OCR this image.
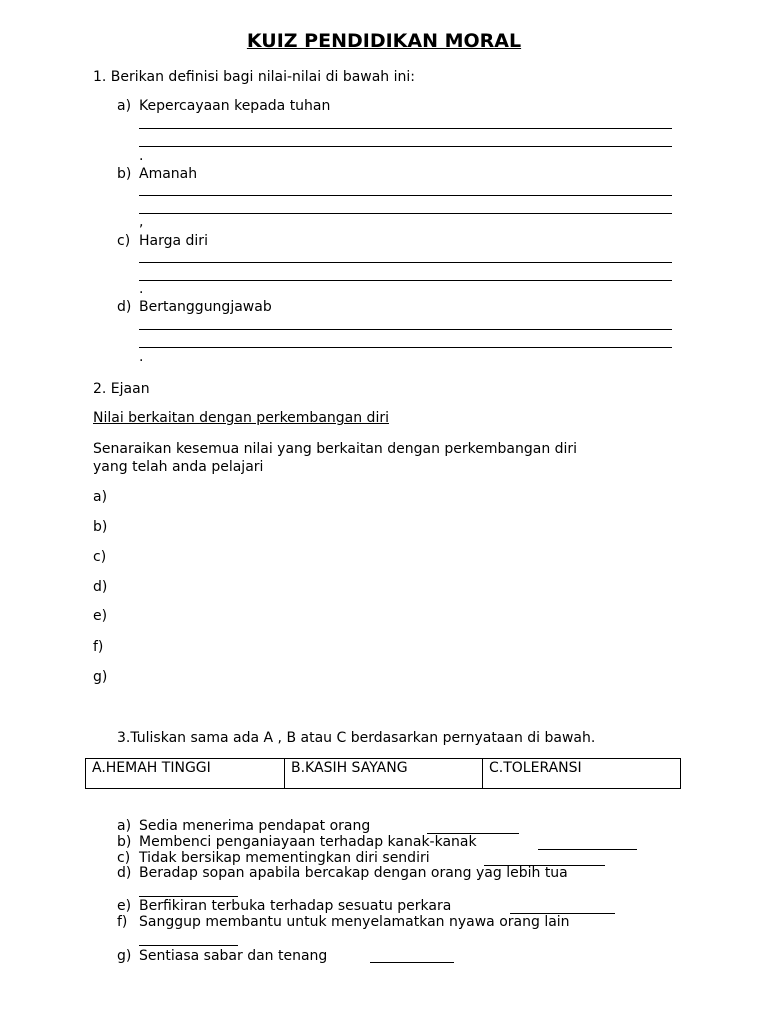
KUIZ PENDIDIKAN MORAL
1. Berikan definisi bagi nilai-nilai di bawah ini:
a) Kepercayaan kepada tuhan
.
b) Amanah
,
c) Harga diri
.
d) Bertanggungjawab
.
2. Ejaan
Nilai berkaitan dengan perkembangan diri
Senaraikan kesemua nilai yang berkaitan dengan perkembangan diri
yang telah anda pelajari
a)
b)
c)
d)
e)
f)
g)
3.Tuliskan sama ada A , B atau C berdasarkan pernyataan di bawah.
A.HEMAH TINGGI	B.KASIH SAYANG	C.TOLERANSI
a) Sedia menerima pendapat orang
b) Membenci penganiayaan terhadap kanak-kanak
c) Tidak bersikap mementingkan diri sendiri
d) Beradap sopan apabila bercakap dengan orang yag lebih tua
e) Berfikiran terbuka terhadap sesuatu perkara
f) Sanggup membantu untuk menyelamatkan nyawa orang lain
g) Sentiasa sabar dan tenang
